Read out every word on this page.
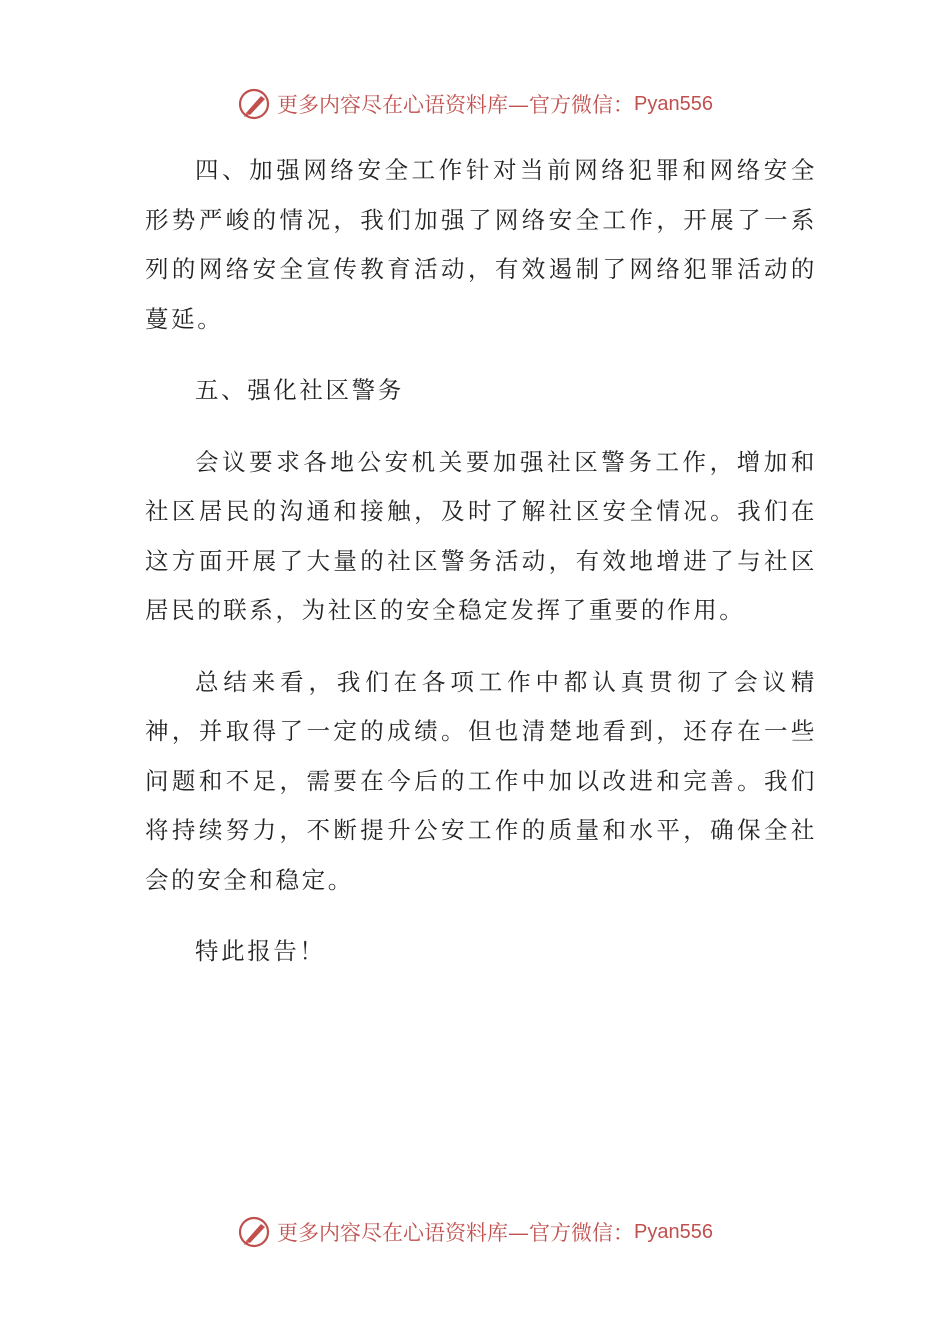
更多内容尽在心语资料库—官方微信： Pyan556

四、加强网络安全工作针对当前网络犯罪和网络安全形势严峻的情况，我们加强了网络安全工作，开展了一系列的网络安全宣传教育活动，有效遏制了网络犯罪活动的蔓延。

五、强化社区警务

会议要求各地公安机关要加强社区警务工作，增加和社区居民的沟通和接触，及时了解社区安全情况。我们在这方面开展了大量的社区警务活动，有效地增进了与社区居民的联系，为社区的安全稳定发挥了重要的作用。

总结来看，我们在各项工作中都认真贯彻了会议精神，并取得了一定的成绩。但也清楚地看到，还存在一些问题和不足，需要在今后的工作中加以改进和完善。我们将持续努力，不断提升公安工作的质量和水平，确保全社会的安全和稳定。

特此报告！

更多内容尽在心语资料库—官方微信： Pyan556
